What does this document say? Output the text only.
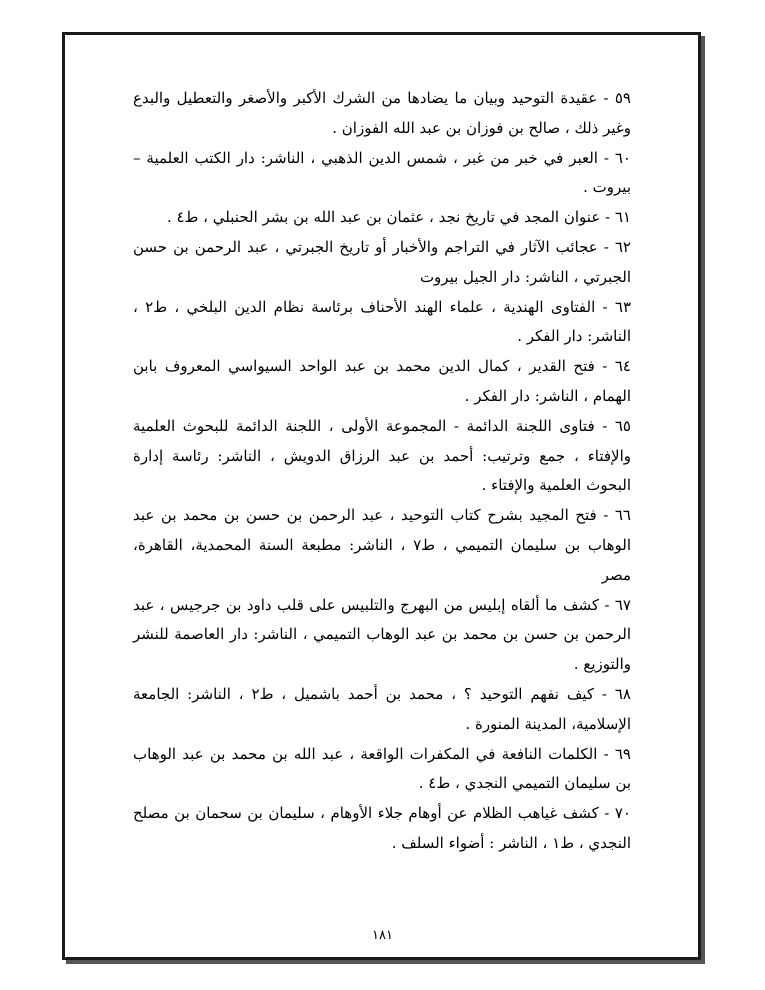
٥٩ - عقيدة التوحيد وبيان ما يضادها من الشرك الأكبر والأصغر والتعطيل والبدع وغير ذلك ، صالح بن فوزان بن عبد الله الفوزان .

٦٠ - العبر في خبر من غبر ، شمس الدين الذهبي ، الناشر: دار الكتب العلمية – بيروت .

٦١ - عنوان المجد في تاريخ نجد ، عثمان بن عبد الله بن بشر الحنبلي ، ط٤ .

٦٢ - عجائب الآثار في التراجم والأخبار أو تاريخ الجبرتي ، عبد الرحمن بن حسن الجبرتي ، الناشر: دار الجيل بيروت

٦٣ - الفتاوى الهندية ، علماء الهند الأحناف برئاسة نظام الدين البلخي ، ط٢ ، الناشر: دار الفكر .

٦٤ - فتح القدير ، كمال الدين محمد بن عبد الواحد السيواسي المعروف بابن الهمام ، الناشر: دار الفكر .

٦٥ - فتاوى اللجنة الدائمة - المجموعة الأولى ، اللجنة الدائمة للبحوث العلمية والإفتاء ، جمع وترتيب: أحمد بن عبد الرزاق الدويش ، الناشر: رئاسة إدارة البحوث العلمية والإفتاء .

٦٦ - فتح المجيد بشرح كتاب التوحيد ، عبد الرحمن بن حسن بن محمد بن عبد الوهاب بن سليمان التميمي ، ط٧ ، الناشر: مطبعة السنة المحمدية، القاهرة، مصر

٦٧ - كشف ما ألقاه إبليس من البهرج والتلبيس على قلب داود بن جرجيس ، عبد الرحمن بن حسن بن محمد بن عبد الوهاب التميمي ، الناشر: دار العاصمة للنشر والتوزيع .

٦٨ - كيف نفهم التوحيد ؟ ، محمد بن أحمد باشميل ، ط٢ ، الناشر: الجامعة الإسلامية، المدينة المنورة .

٦٩ - الكلمات النافعة في المكفرات الواقعة ، عبد الله بن محمد بن عبد الوهاب بن سليمان التميمي النجدي ، ط٤ .

٧٠ - كشف غياهب الظلام عن أوهام جلاء الأوهام ، سليمان بن سحمان بن مصلح النجدي ، ط١ ، الناشر : أضواء السلف .

١٨١
